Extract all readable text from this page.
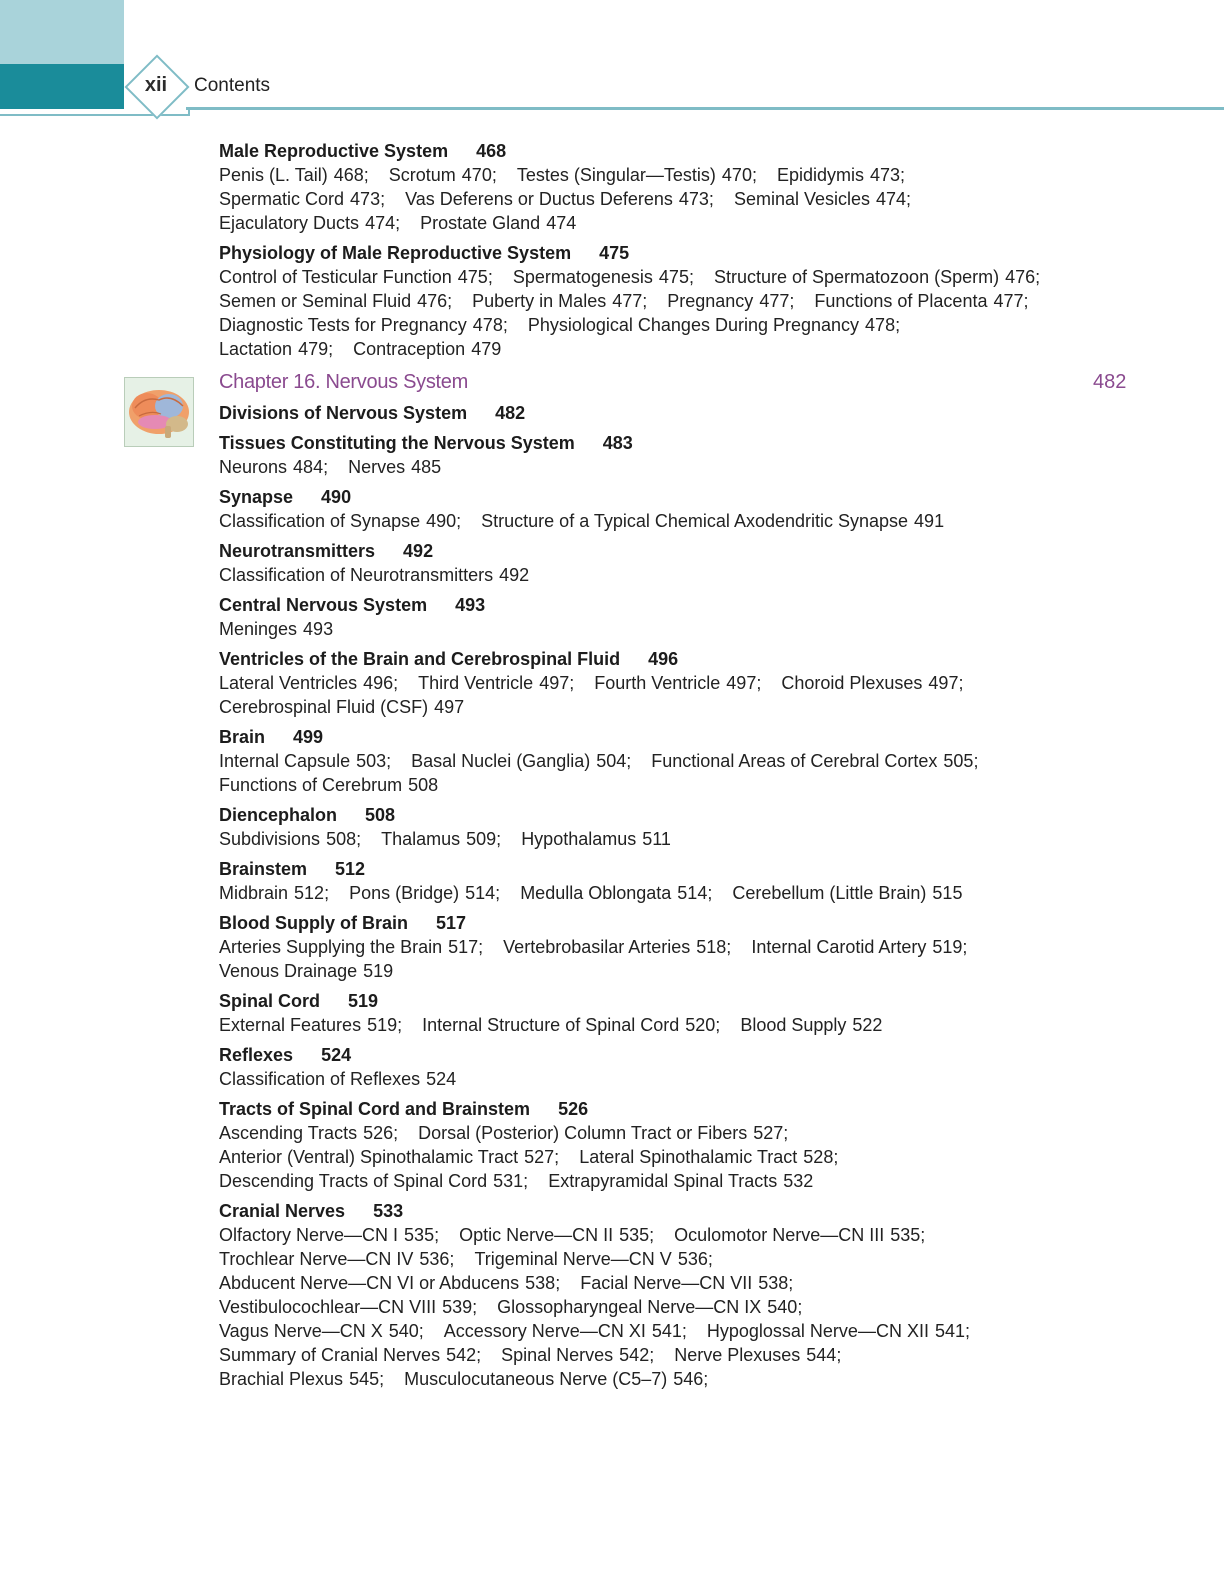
xii	Contents
Male Reproductive System 468
Penis (L. Tail) 468; Scrotum 470; Testes (Singular—Testis) 470; Epididymis 473;
Spermatic Cord 473; Vas Deferens or Ductus Deferens 473; Seminal Vesicles 474;
Ejaculatory Ducts 474; Prostate Gland 474
Physiology of Male Reproductive System 475
Control of Testicular Function 475; Spermatogenesis 475; Structure of Spermatozoon (Sperm) 476;
Semen or Seminal Fluid 476; Puberty in Males 477; Pregnancy 477; Functions of Placenta 477;
Diagnostic Tests for Pregnancy 478; Physiological Changes During Pregnancy 478;
Lactation 479; Contraception 479
Chapter 16. Nervous System	482
Divisions of Nervous System 482
Tissues Constituting the Nervous System 483
Neurons 484; Nerves 485
Synapse 490
Classification of Synapse 490; Structure of a Typical Chemical Axodendritic Synapse 491
Neurotransmitters 492
Classification of Neurotransmitters 492
Central Nervous System 493
Meninges 493
Ventricles of the Brain and Cerebrospinal Fluid 496
Lateral Ventricles 496; Third Ventricle 497; Fourth Ventricle 497; Choroid Plexuses 497;
Cerebrospinal Fluid (CSF) 497
Brain 499
Internal Capsule 503; Basal Nuclei (Ganglia) 504; Functional Areas of Cerebral Cortex 505;
Functions of Cerebrum 508
Diencephalon 508
Subdivisions 508; Thalamus 509; Hypothalamus 511
Brainstem 512
Midbrain 512; Pons (Bridge) 514; Medulla Oblongata 514; Cerebellum (Little Brain) 515
Blood Supply of Brain 517
Arteries Supplying the Brain 517; Vertebrobasilar Arteries 518; Internal Carotid Artery 519;
Venous Drainage 519
Spinal Cord 519
External Features 519; Internal Structure of Spinal Cord 520; Blood Supply 522
Reflexes 524
Classification of Reflexes 524
Tracts of Spinal Cord and Brainstem 526
Ascending Tracts 526; Dorsal (Posterior) Column Tract or Fibers 527;
Anterior (Ventral) Spinothalamic Tract 527; Lateral Spinothalamic Tract 528;
Descending Tracts of Spinal Cord 531; Extrapyramidal Spinal Tracts 532
Cranial Nerves 533
Olfactory Nerve—CN I 535; Optic Nerve—CN II 535; Oculomotor Nerve—CN III 535;
Trochlear Nerve—CN IV 536; Trigeminal Nerve—CN V 536;
Abducent Nerve—CN VI or Abducens 538; Facial Nerve—CN VII 538;
Vestibulocochlear—CN VIII 539; Glossopharyngeal Nerve—CN IX 540;
Vagus Nerve—CN X 540; Accessory Nerve—CN XI 541; Hypoglossal Nerve—CN XII 541;
Summary of Cranial Nerves 542; Spinal Nerves 542; Nerve Plexuses 544;
Brachial Plexus 545; Musculocutaneous Nerve (C5–7) 546;
